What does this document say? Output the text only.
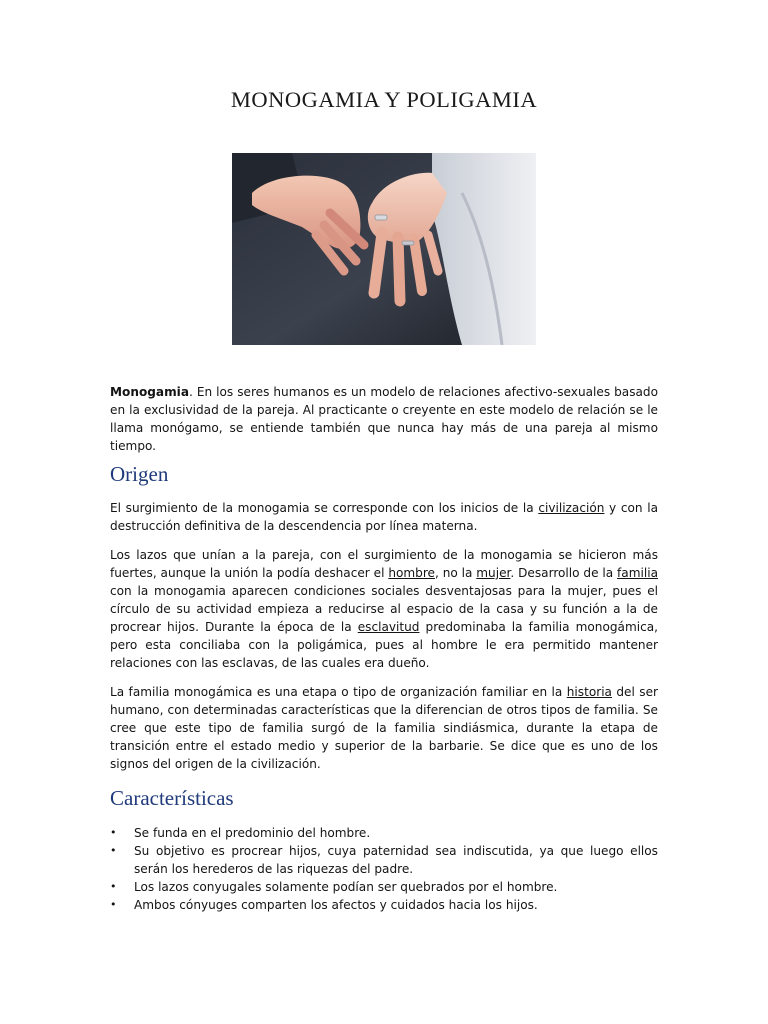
MONOGAMIA Y POLIGAMIA

Monogamia. En los seres humanos es un modelo de relaciones afectivo-sexuales basado en la exclusividad de la pareja. Al practicante o creyente en este modelo de relación se le llama monógamo, se entiende también que nunca hay más de una pareja al mismo tiempo.

Origen

El surgimiento de la monogamia se corresponde con los inicios de la civilización y con la destrucción definitiva de la descendencia por línea materna.

Los lazos que unían a la pareja, con el surgimiento de la monogamia se hicieron más fuertes, aunque la unión la podía deshacer el hombre, no la mujer. Desarrollo de la familia con la monogamia aparecen condiciones sociales desventajosas para la mujer, pues el círculo de su actividad empieza a reducirse al espacio de la casa y su función a la de procrear hijos. Durante la época de la esclavitud predominaba la familia monogámica, pero esta conciliaba con la poligámica, pues al hombre le era permitido mantener relaciones con las esclavas, de las cuales era dueño.

La familia monogámica es una etapa o tipo de organización familiar en la historia del ser humano, con determinadas características que la diferencian de otros tipos de familia. Se cree que este tipo de familia surgó de la familia sindiásmica, durante la etapa de transición entre el estado medio y superior de la barbarie. Se dice que es uno de los signos del origen de la civilización.

Características
• Se funda en el predominio del hombre.
• Su objetivo es procrear hijos, cuya paternidad sea indiscutida, ya que luego ellos serán los herederos de las riquezas del padre.
• Los lazos conyugales solamente podían ser quebrados por el hombre.
• Ambos cónyuges comparten los afectos y cuidados hacia los hijos.
